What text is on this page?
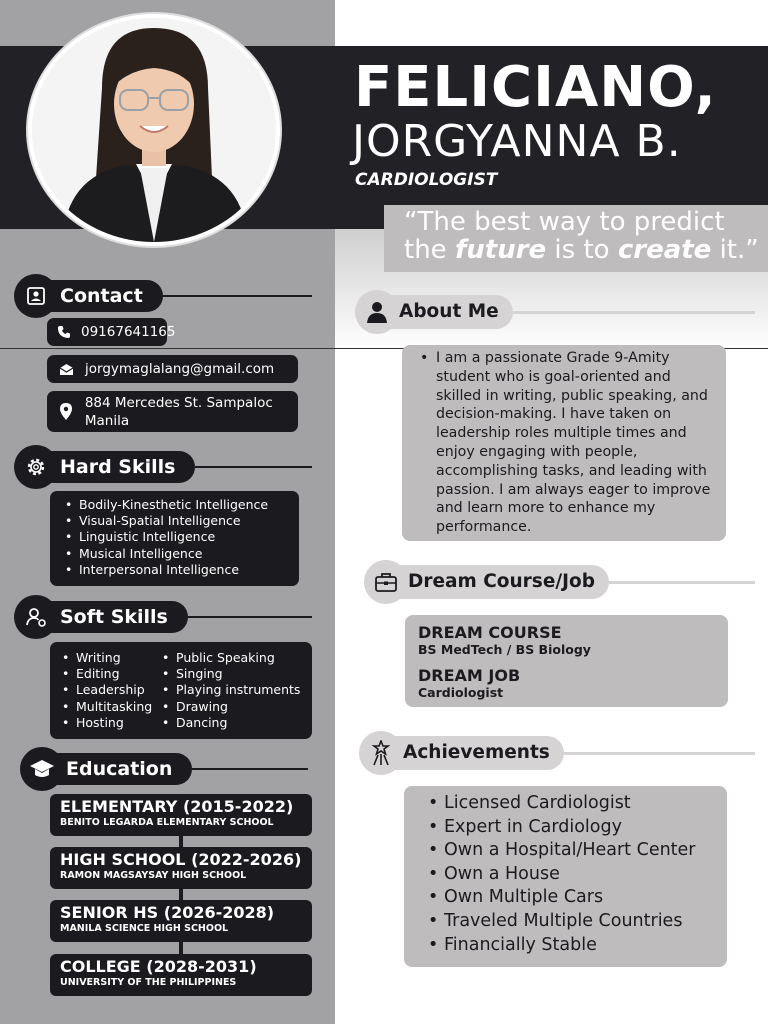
FELICIANO,
JORGYANNA B.
CARDIOLOGIST
“The best way to predict the future is to create it.”
Contact
09167641165
jorgymaglalang@gmail.com
884 Mercedes St. Sampaloc Manila
Hard Skills
• Bodily-Kinesthetic Intelligence
• Visual-Spatial Intelligence
• Linguistic Intelligence
• Musical Intelligence
• Interpersonal Intelligence
Soft Skills
• Writing
• Editing
• Leadership
• Multitasking
• Hosting
• Public Speaking
• Singing
• Playing instruments
• Drawing
• Dancing
Education
ELEMENTARY (2015-2022)
BENITO LEGARDA ELEMENTARY SCHOOL
HIGH SCHOOL (2022-2026)
RAMON MAGSAYSAY HIGH SCHOOL
SENIOR HS (2026-2028)
MANILA SCIENCE HIGH SCHOOL
COLLEGE (2028-2031)
UNIVERSITY OF THE PHILIPPINES
About Me
• I am a passionate Grade 9-Amity student who is goal-oriented and skilled in writing, public speaking, and decision-making. I have taken on leadership roles multiple times and enjoy engaging with people, accomplishing tasks, and leading with passion. I am always eager to improve and learn more to enhance my performance.
Dream Course/Job
DREAM COURSE
BS MedTech / BS Biology
DREAM JOB
Cardiologist
Achievements
• Licensed Cardiologist
• Expert in Cardiology
• Own a Hospital/Heart Center
• Own a House
• Own Multiple Cars
• Traveled Multiple Countries
• Financially Stable
